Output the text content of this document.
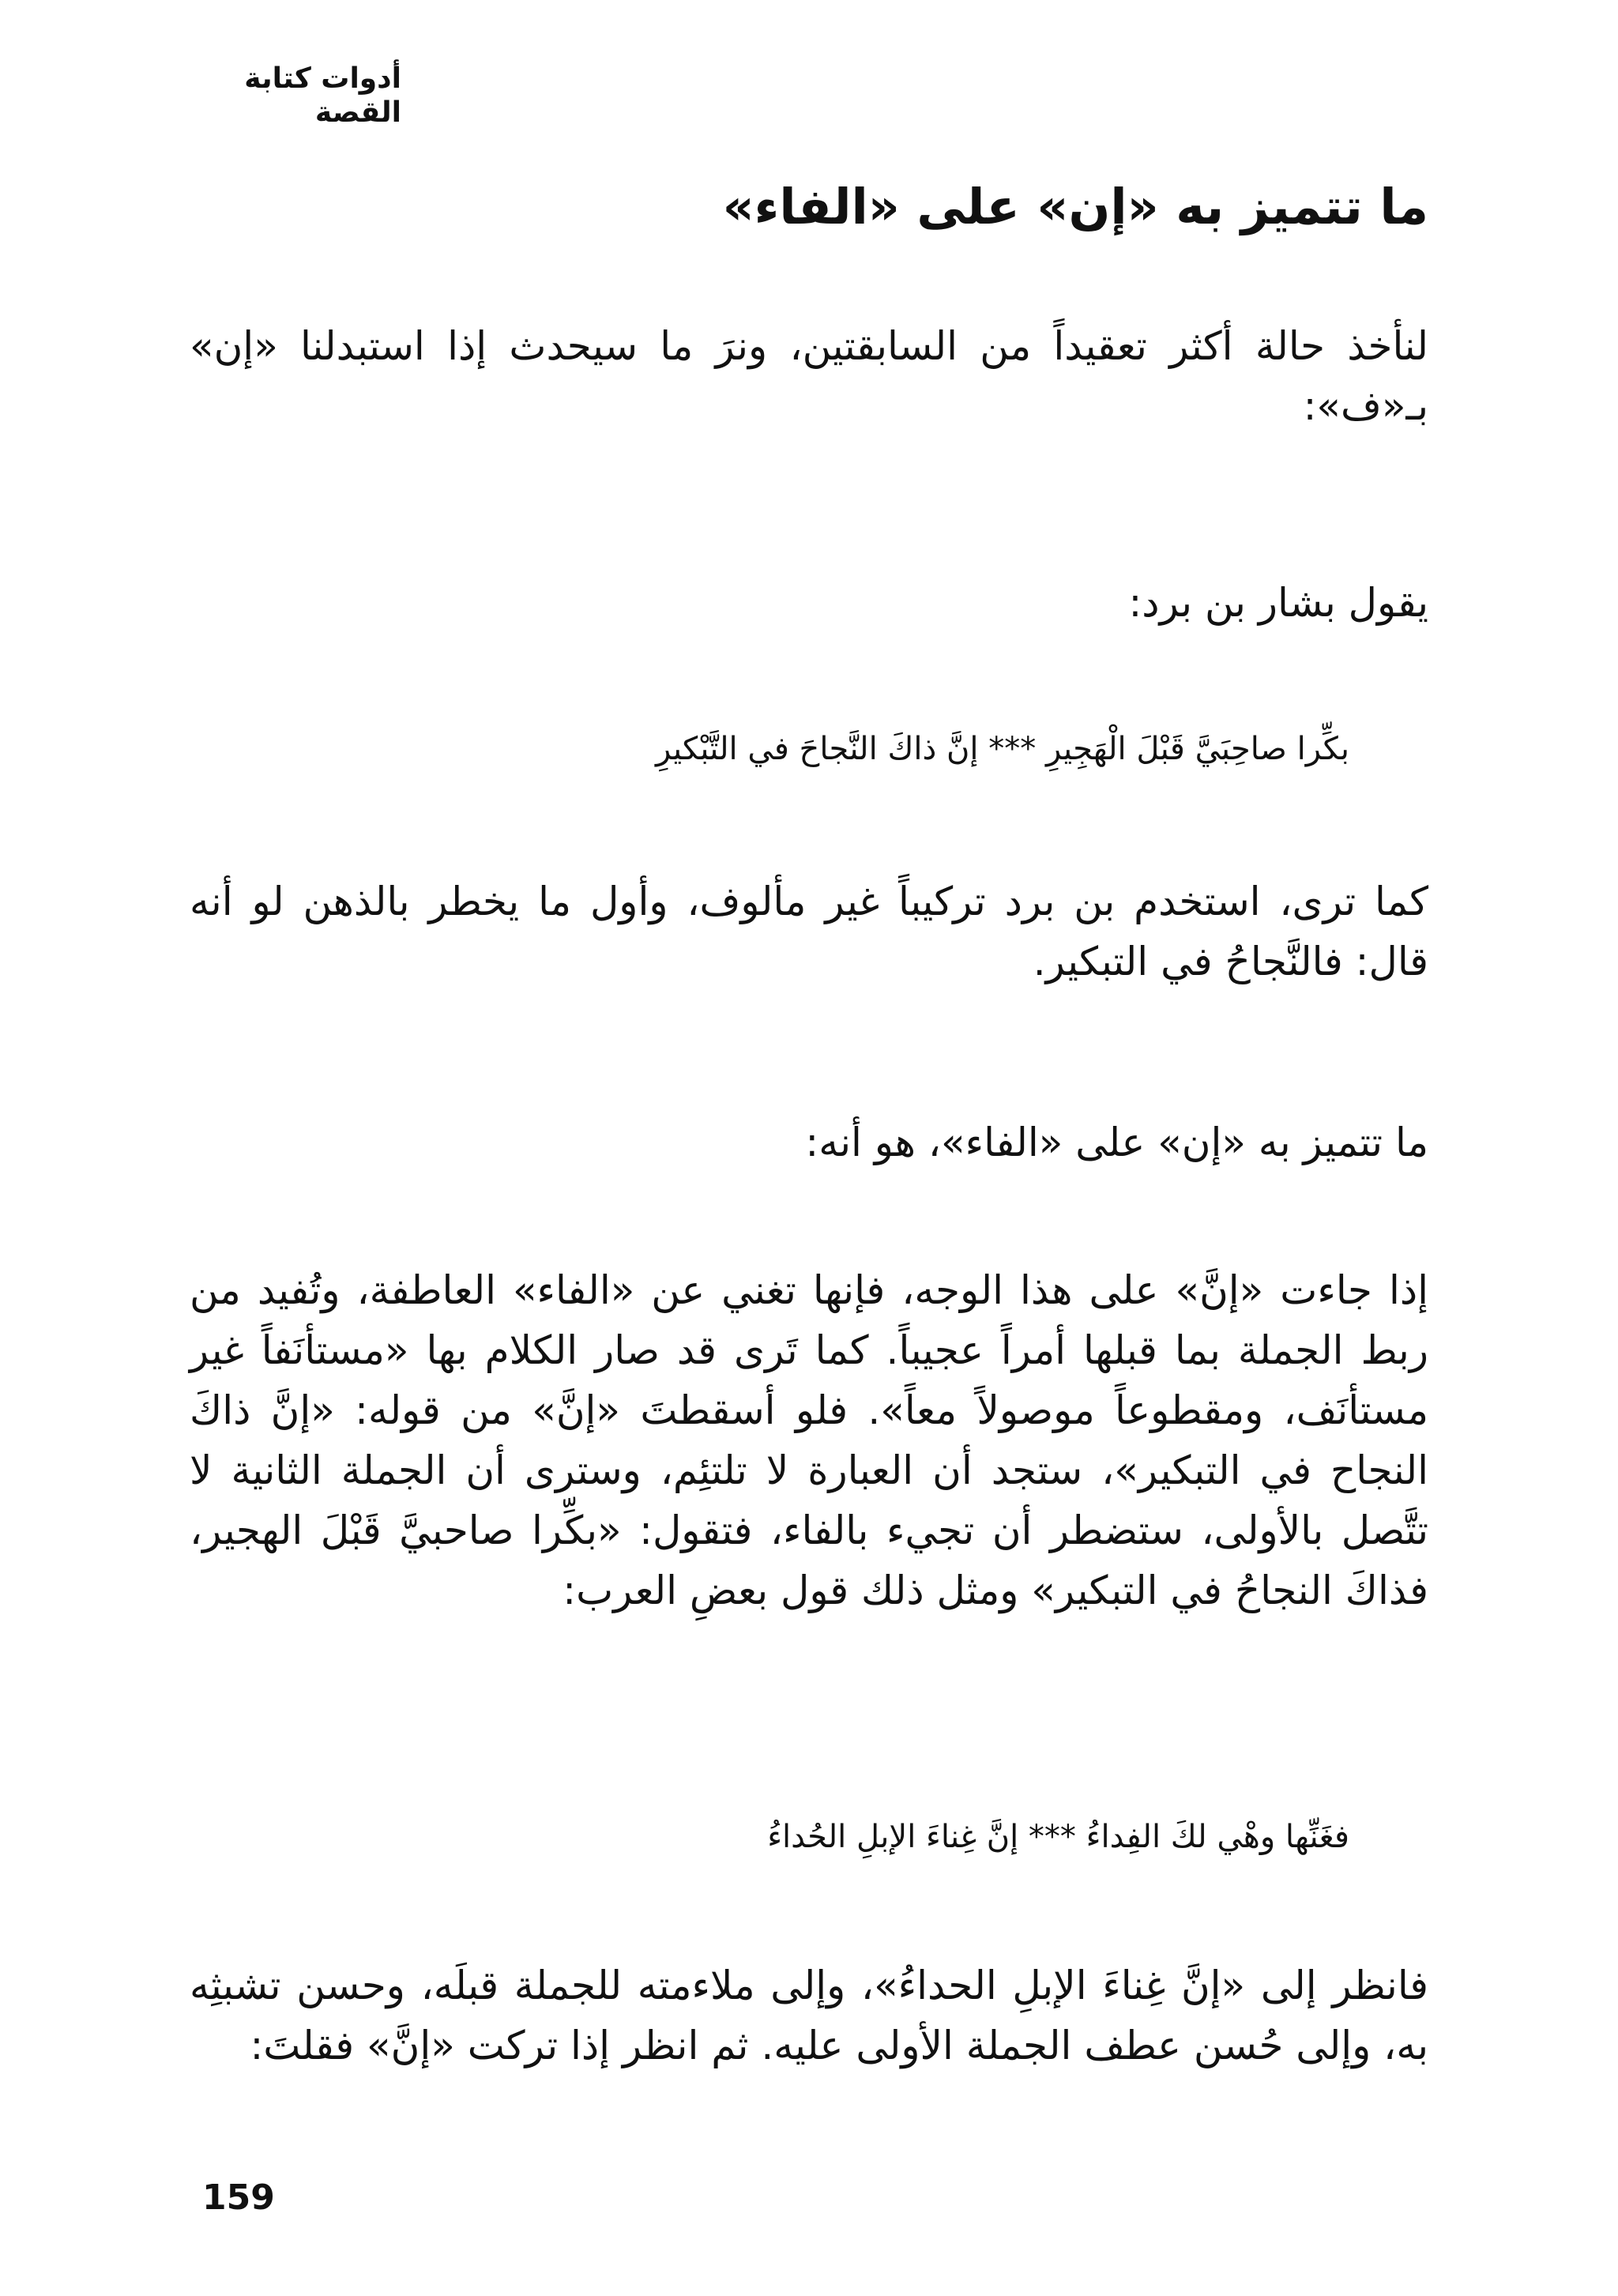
أدوات كتابة القصة
ما تتميز به «إن» على «الفاء»

لنأخذ حالة أكثر تعقيداً من السابقتين، ونرَ ما سيحدث إذا استبدلنا «إن» بـ«ف»:

يقول بشار بن برد:

بكِّرا صاحِبَيَّ قَبْلَ الْهَجِيرِ *** إنَّ ذاكَ النَّجاحَ في التَّبْكيرِ

كما ترى، استخدم بن برد تركيباً غير مألوف، وأول ما يخطر بالذهن لو أنه قال: فالنَّجاحُ في التبكير.

ما تتميز به «إن» على «الفاء»، هو أنه:

إذا جاءت «إنَّ» على هذا الوجه، فإنها تغني عن «الفاء» العاطفة، وتُفيد من ربط الجملة بما قبلها أمراً عجيباً. كما تَرى قد صار الكلام بها «مستأنَفاً غير مستأنَف، ومقطوعاً موصولاً معاً». فلو أسقطتَ «إنَّ» من قوله: «إنَّ ذاكَ النجاح في التبكير»، ستجد أن العبارة لا تلتئِم، وسترى أن الجملة الثانية لا تتَّصل بالأولى، ستضطر أن تجيء بالفاء، فتقول: «بكِّرا صاحبيَّ قَبْلَ الهجير، فذاكَ النجاحُ في التبكير» ومثل ذلك قول بعضِ العرب:

فغَنِّها وهْي لكَ الفِداءُ *** إنَّ غِناءَ الإبلِ الحُداءُ

فانظر إلى «إنَّ غِناءَ الإبلِ الحداءُ»، وإلى ملاءمته للجملة قبلَه، وحسن تشبثِه به، وإلى حُسن عطف الجملة الأولى عليه. ثم انظر إذا تركت «إنَّ» فقلتَ:

159
